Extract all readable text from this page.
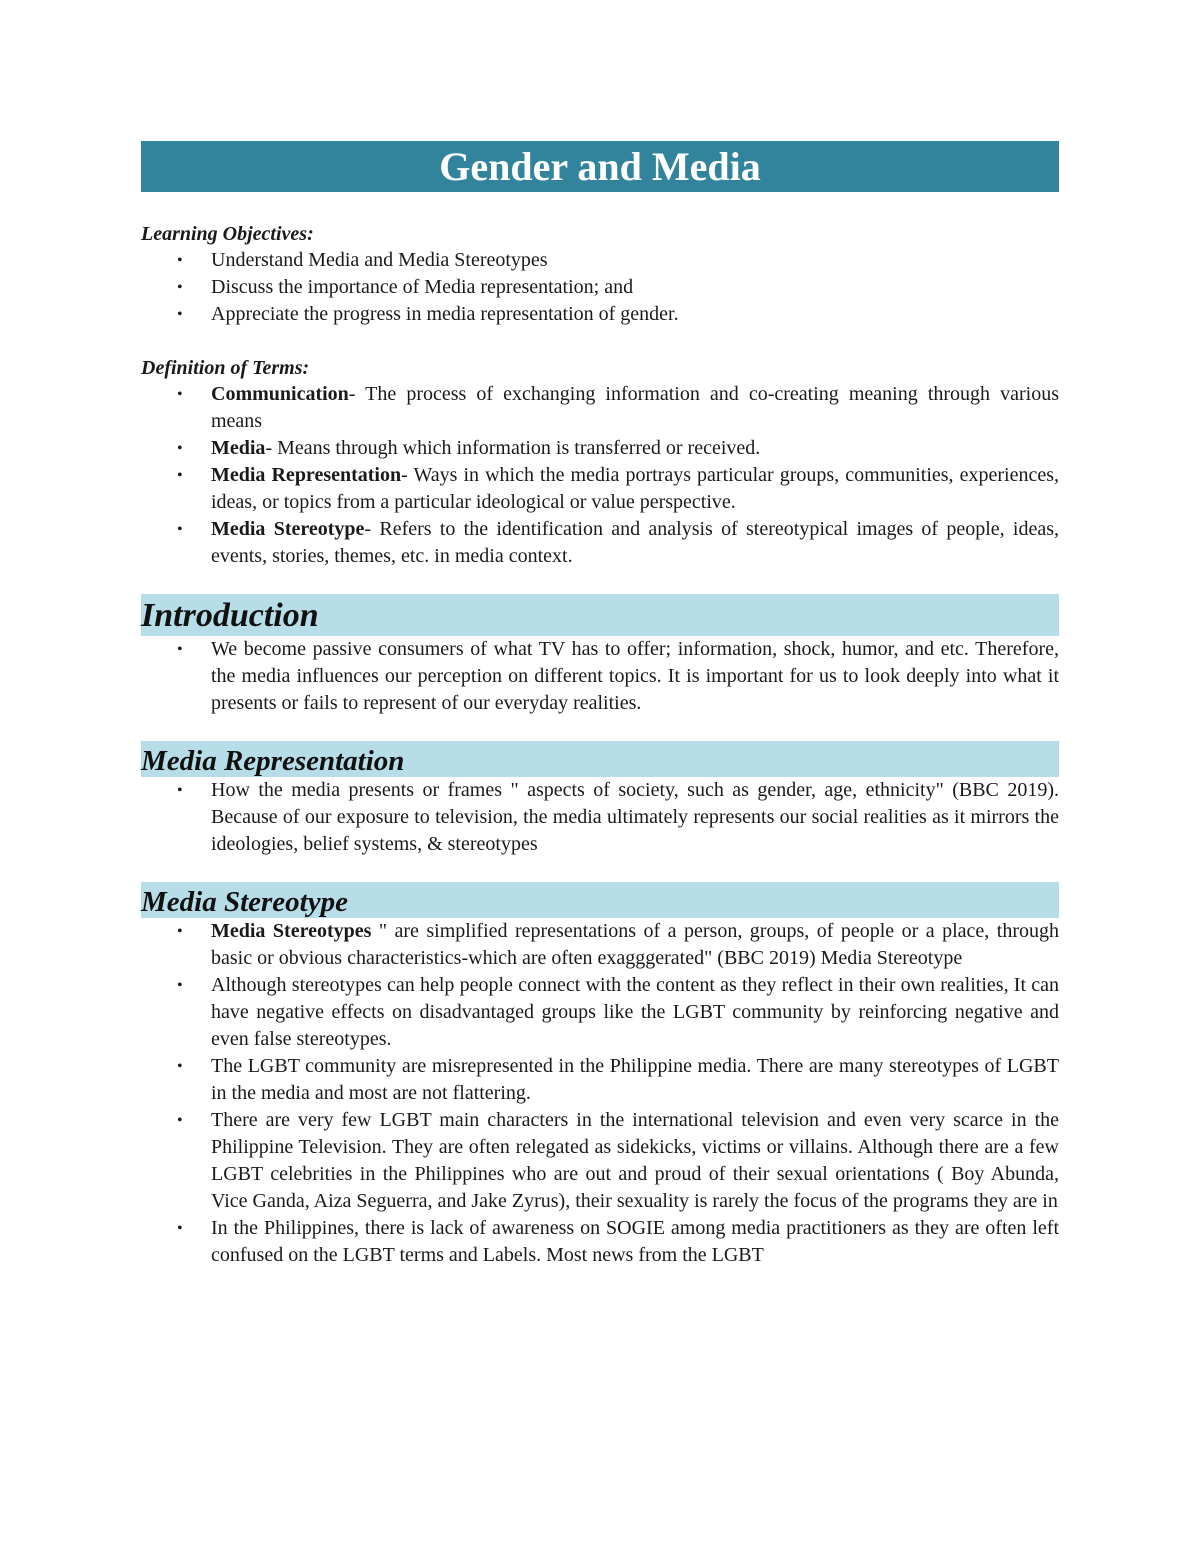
Gender and Media

Learning Objectives:

• Understand Media and Media Stereotypes
• Discuss the importance of Media representation; and
• Appreciate the progress in media representation of gender.

Definition of Terms:

• Communication- The process of exchanging information and co-creating meaning through various means
• Media- Means through which information is transferred or received.
• Media Representation- Ways in which the media portrays particular groups, communities, experiences, ideas, or topics from a particular ideological or value perspective.
• Media Stereotype- Refers to the identification and analysis of stereotypical images of people, ideas, events, stories, themes, etc. in media context.
Introduction
• We become passive consumers of what TV has to offer; information, shock, humor, and etc. Therefore, the media influences our perception on different topics. It is important for us to look deeply into what it presents or fails to represent of our everyday realities.
Media Representation
• How the media presents or frames " aspects of society, such as gender, age, ethnicity" (BBC 2019). Because of our exposure to television, the media ultimately represents our social realities as it mirrors the ideologies, belief systems, & stereotypes
Media Stereotype
• Media Stereotypes " are simplified representations of a person, groups, of people or a place, through basic or obvious characteristics-which are often exagggerated" (BBC 2019) Media Stereotype
• Although stereotypes can help people connect with the content as they reflect in their own realities, It can have negative effects on disadvantaged groups like the LGBT community by reinforcing negative and even false stereotypes.
• The LGBT community are misrepresented in the Philippine media. There are many stereotypes of LGBT in the media and most are not flattering.
• There are very few LGBT main characters in the international television and even very scarce in the Philippine Television. They are often relegated as sidekicks, victims or villains. Although there are a few LGBT celebrities in the Philippines who are out and proud of their sexual orientations ( Boy Abunda, Vice Ganda, Aiza Seguerra, and Jake Zyrus), their sexuality is rarely the focus of the programs they are in
• In the Philippines, there is lack of awareness on SOGIE among media practitioners as they are often left confused on the LGBT terms and Labels. Most news from the LGBT
